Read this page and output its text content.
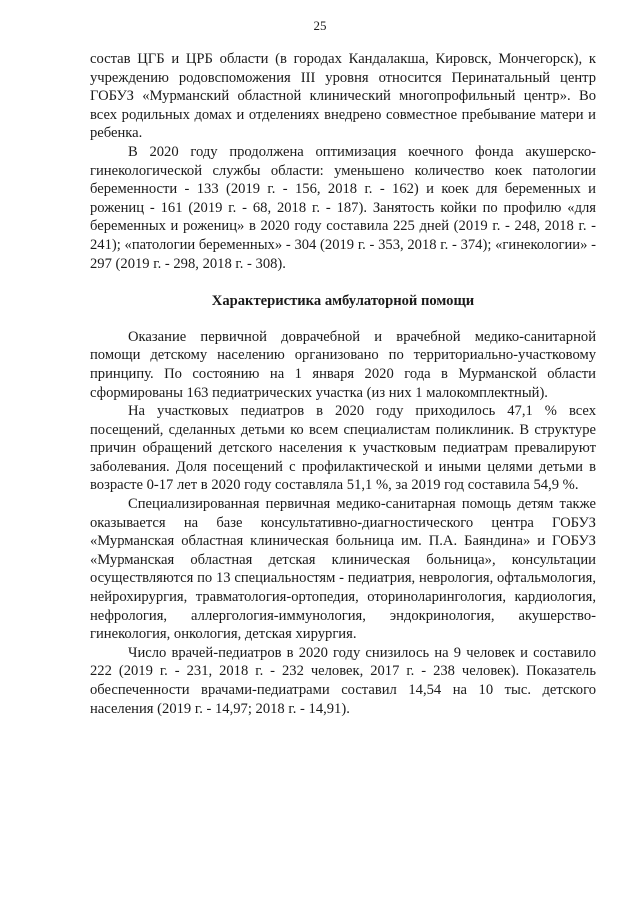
25

состав ЦГБ и ЦРБ области (в городах Кандалакша, Кировск, Мончегорск), к учреждению родовспоможения III уровня относится Перинатальный центр ГОБУЗ «Мурманский областной клинический многопрофильный центр». Во всех родильных домах и отделениях внедрено совместное пребывание матери и ребенка.

В 2020 году продолжена оптимизация коечного фонда акушерско-гинекологической службы области: уменьшено количество коек патологии беременности - 133 (2019 г. - 156, 2018 г. - 162) и коек для беременных и рожениц - 161 (2019 г. - 68, 2018 г. - 187). Занятость койки по профилю «для беременных и рожениц» в 2020 году составила 225 дней (2019 г. - 248, 2018 г. - 241); «патологии беременных» - 304 (2019 г. - 353, 2018 г. - 374); «гинекологии» - 297 (2019 г. - 298, 2018 г. - 308).

Характеристика амбулаторной помощи

Оказание первичной доврачебной и врачебной медико-санитарной помощи детскому населению организовано по территориально-участковому принципу. По состоянию на 1 января 2020 года в Мурманской области сформированы 163 педиатрических участка (из них 1 малокомплектный).

На участковых педиатров в 2020 году приходилось 47,1 % всех посещений, сделанных детьми ко всем специалистам поликлиник. В структуре причин обращений детского населения к участковым педиатрам превалируют заболевания. Доля посещений с профилактической и иными целями детьми в возрасте 0-17 лет в 2020 году составляла 51,1 %, за 2019 год составила 54,9 %.

Специализированная первичная медико-санитарная помощь детям также оказывается на базе консультативно-диагностического центра ГОБУЗ «Мурманская областная клиническая больница им. П.А. Баяндина» и ГОБУЗ «Мурманская областная детская клиническая больница», консультации осуществляются по 13 специальностям - педиатрия, неврология, офтальмология, нейрохирургия, травматология-ортопедия, оториноларингология, кардиология, нефрология, аллергология-иммунология, эндокринология, акушерство-гинекология, онкология, детская хирургия.

Число врачей-педиатров в 2020 году снизилось на 9 человек и составило 222 (2019 г. - 231, 2018 г. - 232 человек, 2017 г. - 238 человек). Показатель обеспеченности врачами-педиатрами составил 14,54 на 10 тыс. детского населения (2019 г. - 14,97; 2018 г. - 14,91).
